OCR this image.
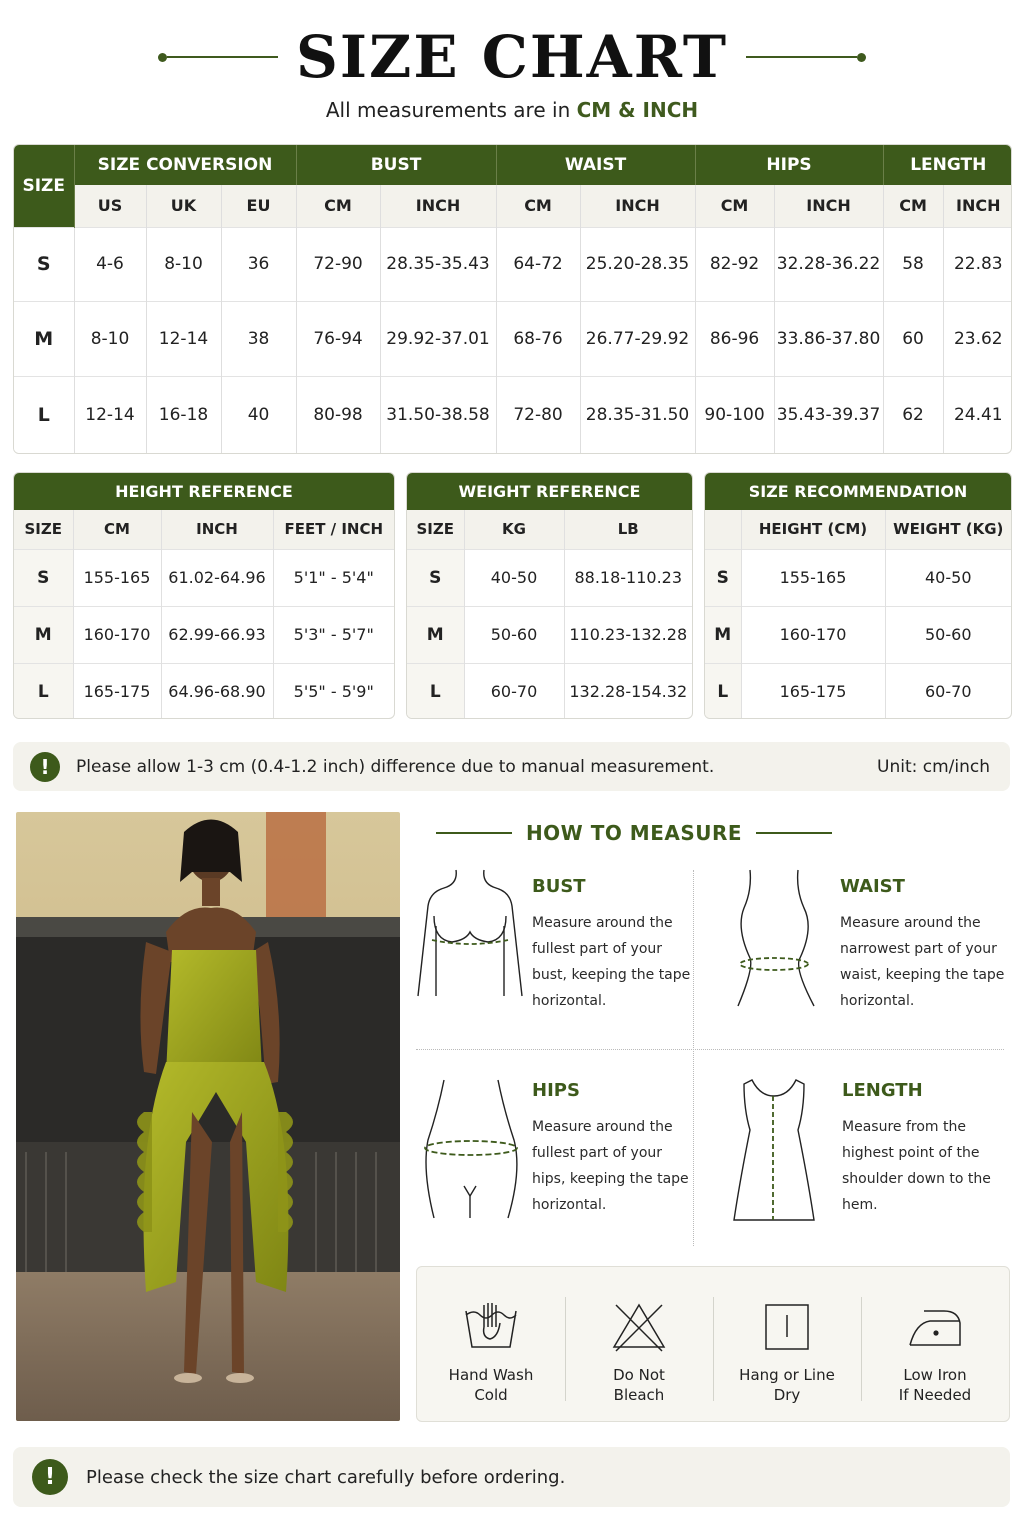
SIZE CHART
All measurements are in CM & INCH
SIZE	SIZE CONVERSION			BUST		WAIST		HIPS		LENGTH	
	US	UK	EU	CM	INCH	CM	INCH	CM	INCH	CM	INCH
S	4-6	8-10	36	72-90	28.35-35.43	64-72	25.20-28.35	82-92	32.28-36.22	58	22.83
M	8-10	12-14	38	76-94	29.92-37.01	68-76	26.77-29.92	86-96	33.86-37.80	60	23.62
L	12-14	16-18	40	80-98	31.50-38.58	72-80	28.35-31.50	90-100	35.43-39.37	62	24.41
HEIGHT REFERENCE			
SIZE	CM	INCH	FEET / INCH
S	155-165	61.02-64.96	5'1" - 5'4"
M	160-170	62.99-66.93	5'3" - 5'7"
L	165-175	64.96-68.90	5'5" - 5'9"
WEIGHT REFERENCE		
SIZE	KG	LB
S	40-50	88.18-110.23
M	50-60	110.23-132.28
L	60-70	132.28-154.32
SIZE RECOMMENDATION		
	HEIGHT (CM)	WEIGHT (KG)
S	155-165	40-50
M	160-170	50-60
L	165-175	60-70
!	Please allow 1-3 cm (0.4-1.2 inch) difference due to manual measurement.	Unit: cm/inch
HOW TO MEASURE
BUST
Measure around the fullest part of your bust, keeping the tape horizontal.
WAIST
Measure around the narrowest part of your waist, keeping the tape horizontal.
HIPS
Measure around the fullest part of your hips, keeping the tape horizontal.
LENGTH
Measure from the highest point of the shoulder down to the hem.
Hand Wash
Cold
Do Not
Bleach
Hang or Line
Dry
Low Iron
If Needed
!	Please check the size chart carefully before ordering.
